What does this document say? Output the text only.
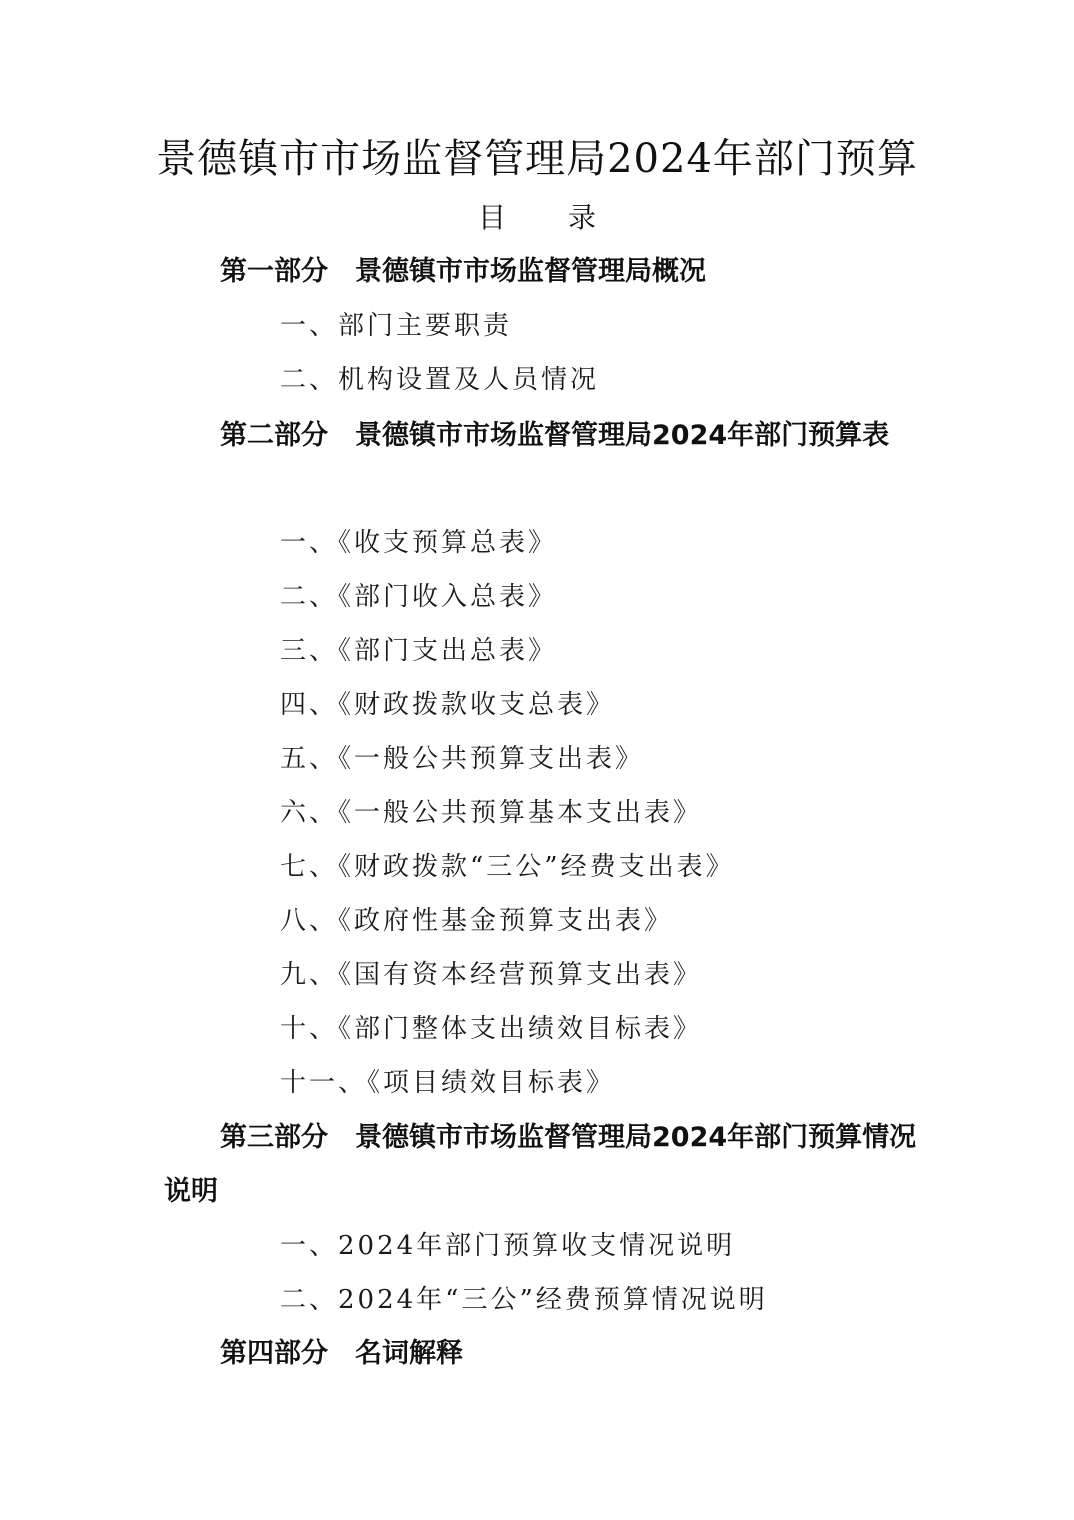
景德镇市市场监督管理局2024年部门预算
目 录

第一部分　景德镇市市场监督管理局概况

一、部门主要职责
二、机构设置及人员情况

第二部分　景德镇市市场监督管理局2024年部门预算表

一、《收支预算总表》
二、《部门收入总表》
三、《部门支出总表》
四、《财政拨款收支总表》
五、《一般公共预算支出表》
六、《一般公共预算基本支出表》
七、《财政拨款“三公”经费支出表》
八、《政府性基金预算支出表》
九、《国有资本经营预算支出表》
十、《部门整体支出绩效目标表》
十一、《项目绩效目标表》

第三部分　景德镇市市场监督管理局2024年部门预算情况说明

一、2024年部门预算收支情况说明
二、2024年“三公”经费预算情况说明

第四部分　名词解释
